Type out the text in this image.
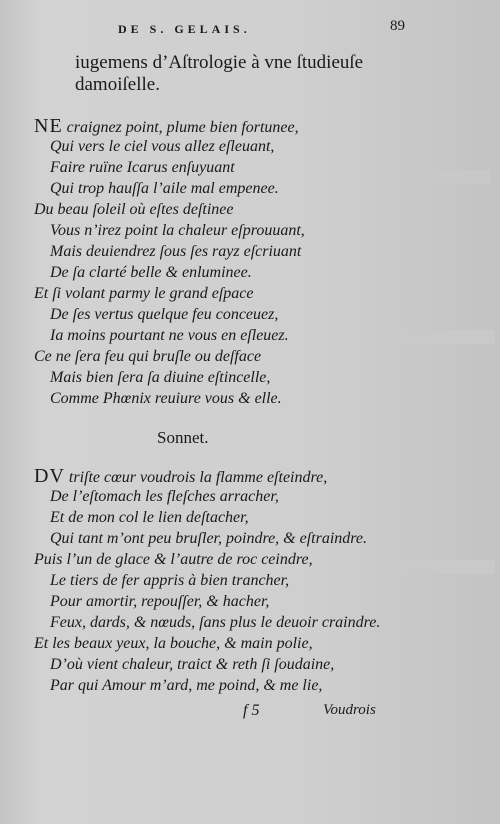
DE S. GELAIS.	89
iugemens d’Aſtrologie à vne ſtudieuſe
damoiſelle.
NE craignez point, plume bien fortunee,
Qui vers le ciel vous allez eſleuant,
Faire ruïne Icarus enſuyuant
Qui trop hauſſa l’aile mal empenee.
Du beau ſoleil où eſtes deſtinee
Vous n’irez point la chaleur eſprouuant,
Mais deuiendrez ſous ſes rayz eſcriuant
De ſa clarté belle & enluminee.
Et ſi volant parmy le grand eſpace
De ſes vertus quelque feu conceuez,
Ia moins pourtant ne vous en eſleuez.
Ce ne ſera feu qui bruſle ou deſface
Mais bien ſera ſa diuine eſtincelle,
Comme Phœnix reuiure vous & elle.
Sonnet.
DV triſte cœur voudrois la flamme eſteindre,
De l’eſtomach les fleſches arracher,
Et de mon col le lien deſtacher,
Qui tant m’ont peu bruſler, poindre, & eſtraindre.
Puis l’un de glace & l’autre de roc ceindre,
Le tiers de fer appris à bien trancher,
Pour amortir, repouſſer, & hacher,
Feux, dards, & nœuds, ſans plus le deuoir craindre.
Et les beaux yeux, la bouche, & main polie,
D’où vient chaleur, traict & reth ſi ſoudaine,
Par qui Amour m’ard, me poind, & me lie,
f 5	Voudrois
